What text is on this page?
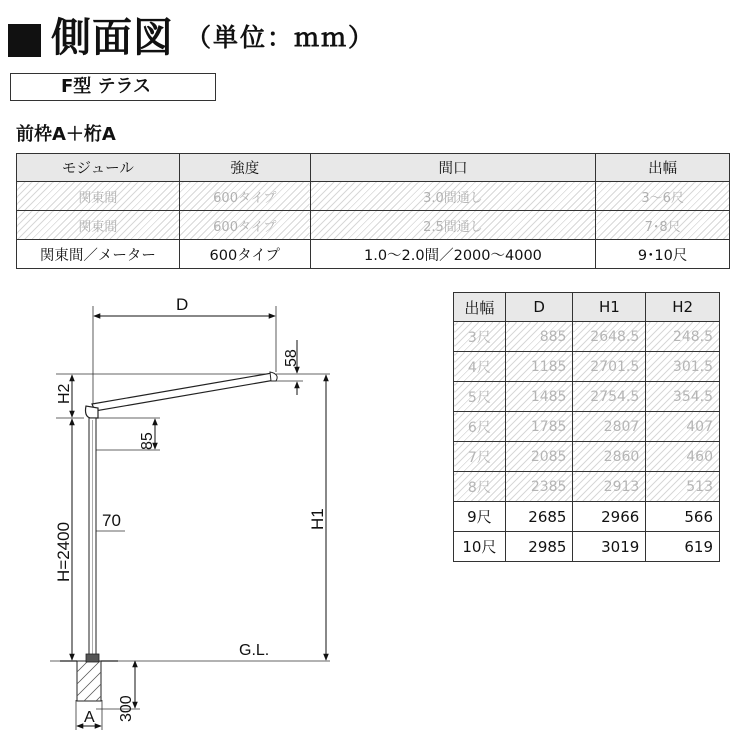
側面図 （単位：ｍｍ）
F型 テラス
前枠A＋桁A
モジュール	強度	間口	出幅
関東間	600タイプ	3.0間通し	3～6尺
関東間	600タイプ	2.5間通し	7･8尺
関東間／メーター	600タイプ	1.0～2.0間／2000～4000	9･10尺
出幅	D	H1	H2
3尺	885	2648.5	248.5
4尺	1185	2701.5	301.5
5尺	1485	2754.5	354.5
6尺	1785	2807	407
7尺	2085	2860	460
8尺	2385	2913	513
9尺	2685	2966	566
10尺	2985	3019	619
D
58
H2
85
70
H=2400
H1
G.L.
A 300
